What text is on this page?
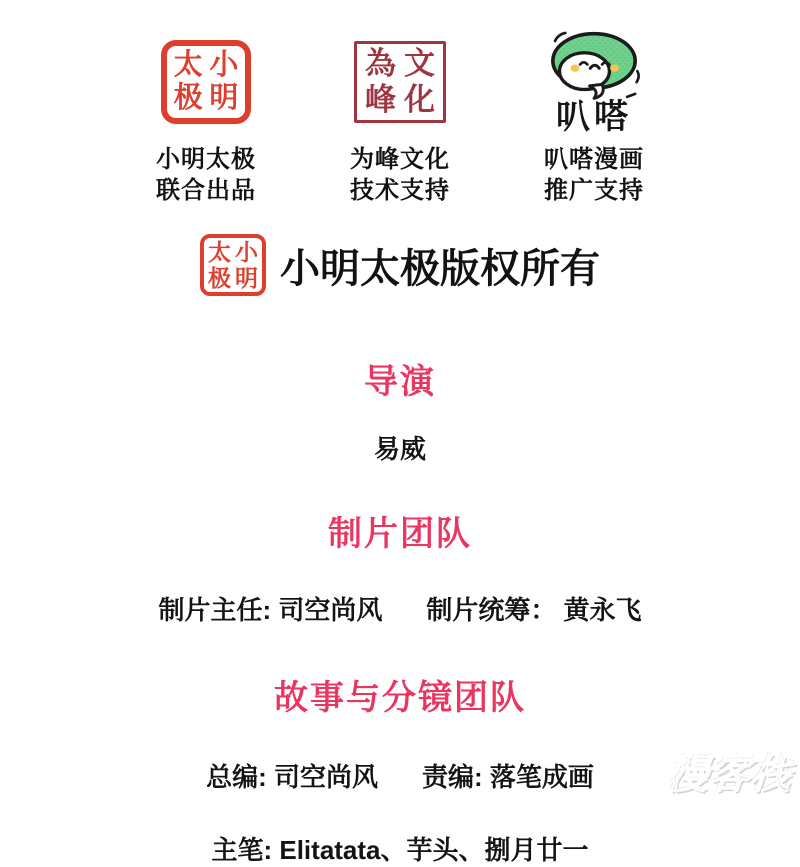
太
极
小
明
小明太极
联合出品
為
峰
文
化
为峰文化
技术支持
叭嗒
叭嗒漫画
推广支持
太
极
小
明 小明太极版权所有
导演
易威
制片团队
制片主任: 司空尚风 制片统筹： 黄永飞
故事与分镜团队
总编: 司空尚风 责编: 落笔成画
主笔: Elitatata、芋头、捌月廿一
漫客栈
